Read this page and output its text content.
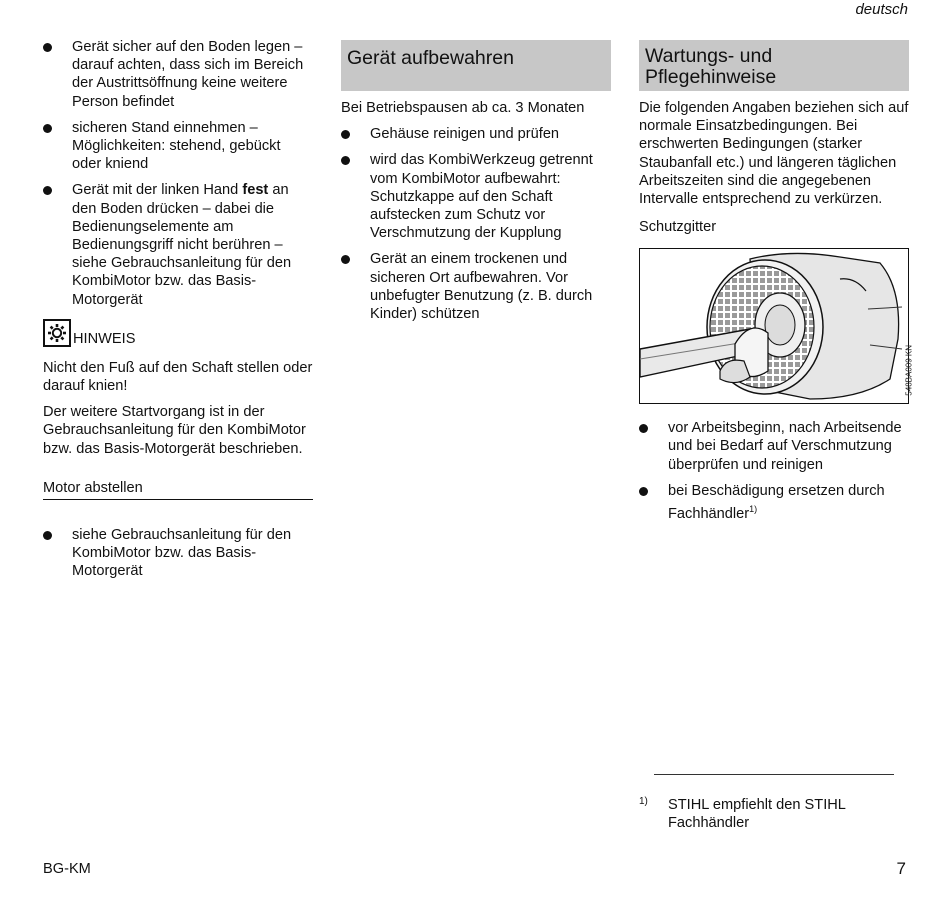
deutsch
Gerät sicher auf den Boden legen – darauf achten, dass sich im Bereich der Austrittsöffnung keine weitere Person befindet
sicheren Stand einnehmen – Möglichkeiten: stehend, gebückt oder kniend
Gerät mit der linken Hand fest an den Boden drücken – dabei die Bedienungselemente am Bedienungsgriff nicht berühren – siehe Gebrauchsanleitung für den KombiMotor bzw. das Basis-Motorgerät
HINWEIS

Nicht den Fuß auf den Schaft stellen oder darauf knien!

Der weitere Startvorgang ist in der Gebrauchsanleitung für den KombiMotor bzw. das Basis-Motorgerät beschrieben.

Motor abstellen
siehe Gebrauchsanleitung für den KombiMotor bzw. das Basis-Motorgerät
Gerät aufbewahren

Bei Betriebspausen ab ca. 3 Monaten

Gehäuse reinigen und prüfen
wird das KombiWerkzeug getrennt vom KombiMotor aufbewahrt: Schutzkappe auf den Schaft aufstecken zum Schutz vor Verschmutzung der Kupplung
Gerät an einem trockenen und sicheren Ort aufbewahren. Vor unbefugter Benutzung (z. B. durch Kinder) schützen
Wartungs- und
Pflegehinweise

Die folgenden Angaben beziehen sich auf normale Einsatzbedingungen. Bei erschwerten Bedingungen (starker Staubanfall etc.) und längeren täglichen Arbeitszeiten sind die angegebenen Intervalle entsprechend zu verkürzen.

Schutzgitter
548BA009 KN
vor Arbeitsbeginn, nach Arbeitsende und bei Bedarf auf Verschmutzung überprüfen und reinigen
bei Beschädigung ersetzen durch Fachhändler$^{1)}$
1) STIHL empfiehlt den STIHL Fachhändler
BG-KM	7
